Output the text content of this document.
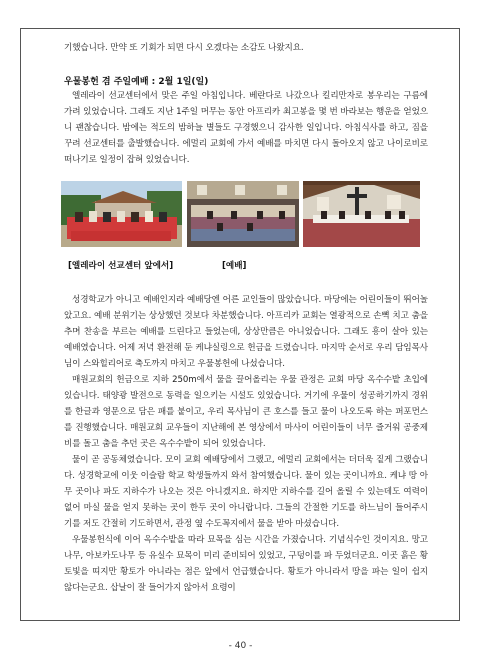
기했습니다. 만약 또 기회가 되면 다시 오겠다는 소감도 나왔지요.

우물봉헌 겸 주일예배 : 2월 1일(일)

엘레라이 선교센터에서 맞은 주일 아침입니다. 베란다로 나갔으나 킬리만자로 봉우리는 구름에 가려 있었습니다. 그래도 지난 1주일 머무는 동안 아프리카 최고봉을 몇 번 바라보는 행운을 얻었으니 괜찮습니다. 밤에는 적도의 밤하늘 별들도 구경했으니 감사한 일입니다. 아침식사를 하고, 짐을 꾸려 선교센터를 출발했습니다. 에멀리 교회에 가서 예배를 마치면 다시 돌아오지 않고 나이로비로 떠나기로 일정이 잡혀 있었습니다.

[엘레라이 선교센터 앞에서]	[예배]

성경학교가 아니고 예배인지라 예배당엔 어른 교인들이 많았습니다. 마당에는 어린이들이 뛰어놀았고요. 예배 분위기는 상상했던 것보다 차분했습니다. 아프리카 교회는 열광적으로 손뼉 치고 춤을 추며 찬송을 부르는 예배를 드린다고 들었는데, 상상만큼은 아니었습니다. 그래도 흥이 살아 있는 예배였습니다. 어제 저녁 환전해 둔 케냐실링으로 헌금을 드렸습니다. 마지막 순서로 우리 담임목사님이 스와힐리어로 축도까지 마치고 우물봉헌에 나섰습니다.

매원교회의 헌금으로 지하 250m에서 물을 끌어올리는 우물 관정은 교회 마당 옥수수밭 초입에 있습니다. 태양광 발전으로 동력을 일으키는 시설도 있었습니다. 거기에 우물이 성공하기까지 경위를 한글과 영문으로 담은 패를 붙이고, 우리 목사님이 큰 호스를 들고 물이 나오도록 하는 퍼포먼스를 진행했습니다. 매원교회 교우들이 지난해에 본 영상에서 마사이 어린이들이 너무 즐거워 공중제비를 돌고 춤을 추던 곳은 옥수수밭이 되어 있었습니다.

물이 곧 공동체였습니다. 모이 교회 예배당에서 그랬고, 에멀리 교회에서는 더더욱 짙게 그랬습니다. 성경학교에 이웃 이슬람 학교 학생들까지 와서 참여했습니다. 물이 있는 곳이니까요. 케냐 땅 아무 곳이나 파도 지하수가 나오는 것은 아니겠지요. 하지만 지하수를 길어 올릴 수 있는데도 여력이 없어 마실 물을 얻지 못하는 곳이 한두 곳이 아니랍니다. 그들의 간절한 기도를 하느님이 들어주시기를 저도 간절히 기도하면서, 관정 옆 수도꼭지에서 물을 받아 마셨습니다.

우물봉헌식에 이어 옥수수밭을 따라 묘목을 심는 시간을 가졌습니다. 기념식수인 것이지요. 망고나무, 아보카도나무 등 유실수 묘목이 미리 준비되어 있었고, 구덩이를 파 두었더군요. 이곳 흙은 황토빛을 띠지만 황토가 아니라는 점은 앞에서 언급했습니다. 황토가 아니라서 땅을 파는 일이 쉽지 않다는군요. 삽날이 잘 들어가지 않아서 요령이

- 40 -
